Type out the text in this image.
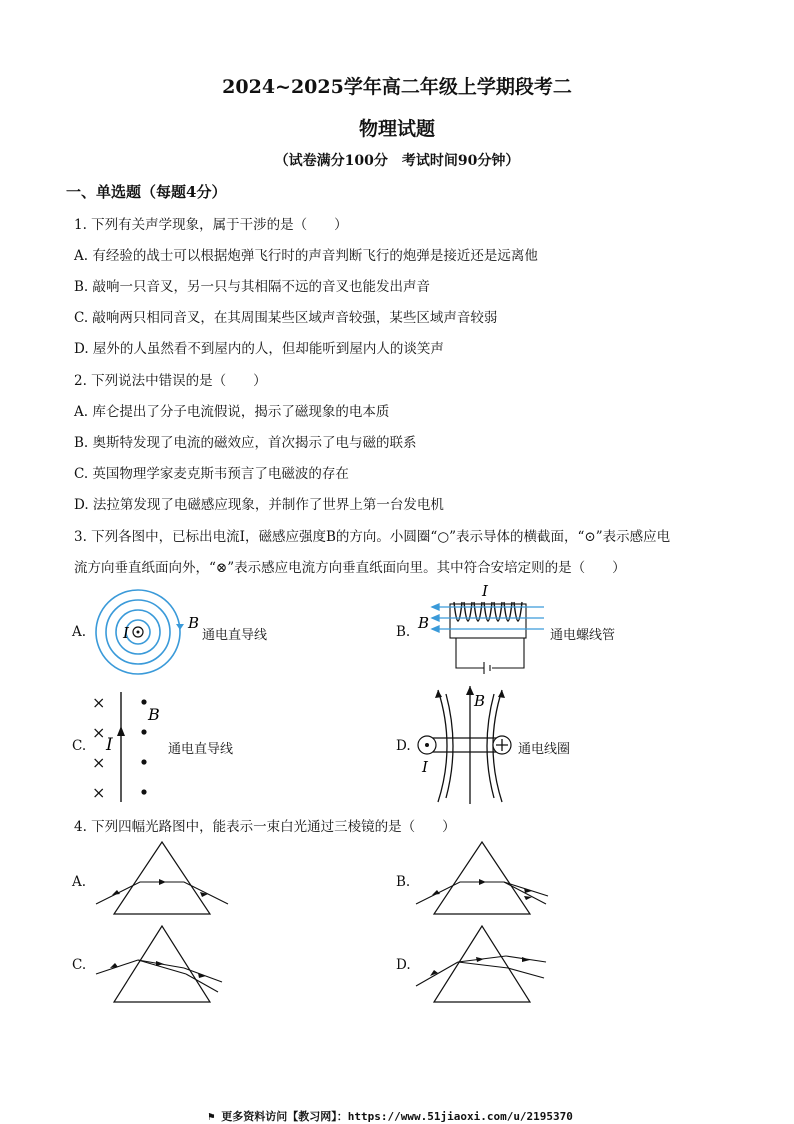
2024~2025学年高二年级上学期段考二
物理试题
（试卷满分100分　考试时间90分钟）
一、单选题（每题4分）
1. 下列有关声学现象，属于干涉的是（　　）
A. 有经验的战士可以根据炮弹飞行时的声音判断飞行的炮弹是接近还是远离他
B. 敲响一只音叉，另一只与其相隔不远的音叉也能发出声音
C. 敲响两只相同音叉，在其周围某些区域声音较强，某些区域声音较弱
D. 屋外的人虽然看不到屋内的人，但却能听到屋内人的谈笑声
2. 下列说法中错误的是（　　）
A. 库仑提出了分子电流假说，揭示了磁现象的电本质
B. 奥斯特发现了电流的磁效应，首次揭示了电与磁的联系
C. 英国物理学家麦克斯韦预言了电磁波的存在
D. 法拉第发现了电磁感应现象，并制作了世界上第一台发电机
3. 下列各图中，已标出电流I，磁感应强度B的方向。小圆圈“○”表示导体的横截面，“⊙”表示感应电
流方向垂直纸面向外，“⊗”表示感应电流方向垂直纸面向里。其中符合安培定则的是（　　）
A. I
B
通电直导线	B.
I
B
通电螺线管
C.
×
×
×
×
I
B
通电直导线	D.
I
B
通电线圈
4. 下列四幅光路图中，能表示一束白光通过三棱镜的是（　　）
A.	B.
C.	D.
⚑ 更多资料访问【教习网】：https://www.51jiaoxi.com/u/2195370
